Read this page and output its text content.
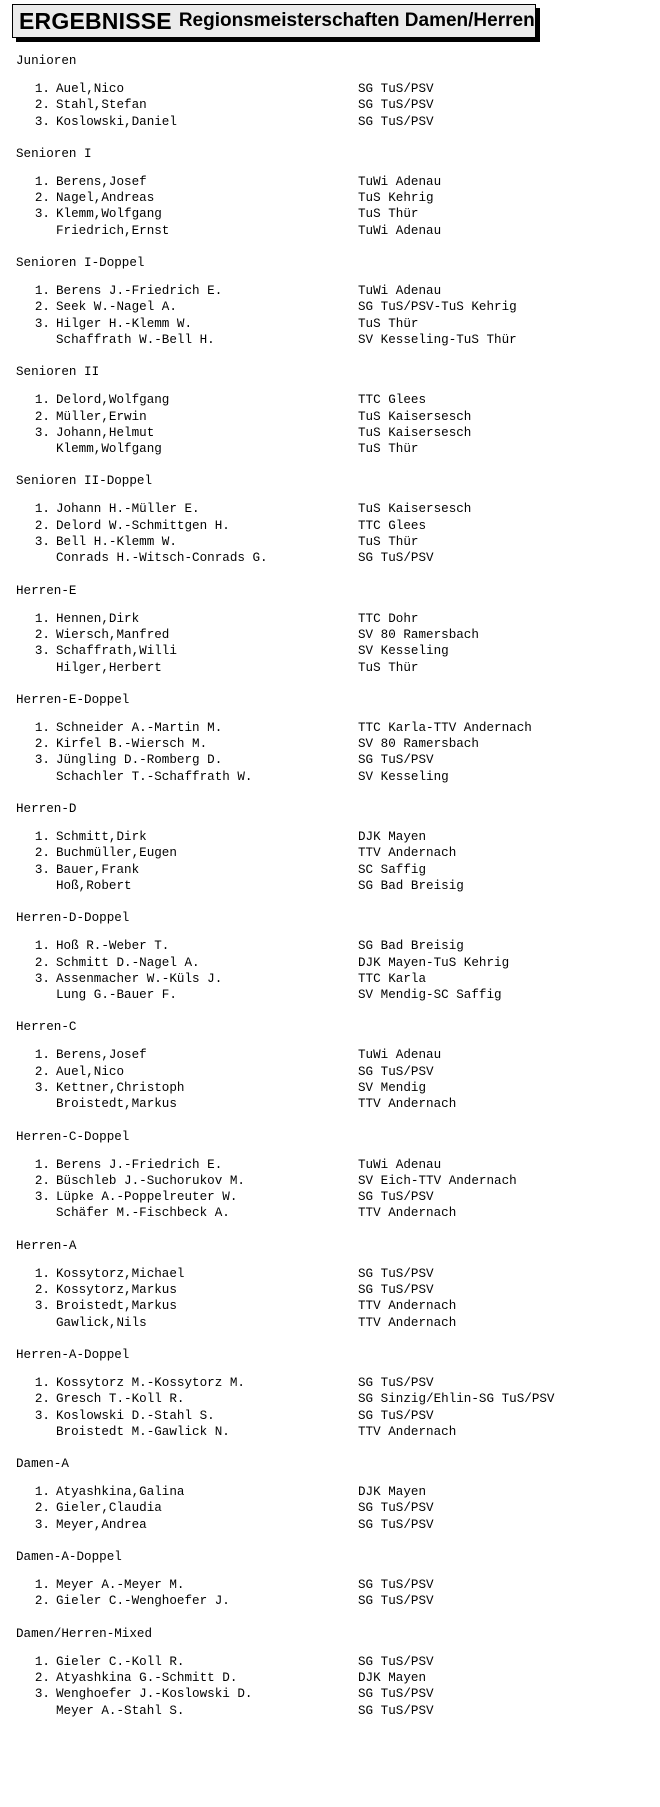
ERGEBNISSE Regionsmeisterschaften Damen/Herren
Junioren
1. Auel,Nico	SG TuS/PSV
2. Stahl,Stefan	SG TuS/PSV
3. Koslowski,Daniel	SG TuS/PSV
Senioren I
1. Berens,Josef	TuWi Adenau
2. Nagel,Andreas	TuS Kehrig
3. Klemm,Wolfgang	TuS Thür
Friedrich,Ernst	TuWi Adenau
Senioren I-Doppel
1. Berens J.-Friedrich E.	TuWi Adenau
2. Seek W.-Nagel A.	SG TuS/PSV-TuS Kehrig
3. Hilger H.-Klemm W.	TuS Thür
Schaffrath W.-Bell H.	SV Kesseling-TuS Thür
Senioren II
1. Delord,Wolfgang	TTC Glees
2. Müller,Erwin	TuS Kaisersesch
3. Johann,Helmut	TuS Kaisersesch
Klemm,Wolfgang	TuS Thür
Senioren II-Doppel
1. Johann H.-Müller E.	TuS Kaisersesch
2. Delord W.-Schmittgen H.	TTC Glees
3. Bell H.-Klemm W.	TuS Thür
Conrads H.-Witsch-Conrads G.	SG TuS/PSV
Herren-E
1. Hennen,Dirk	TTC Dohr
2. Wiersch,Manfred	SV 80 Ramersbach
3. Schaffrath,Willi	SV Kesseling
Hilger,Herbert	TuS Thür
Herren-E-Doppel
1. Schneider A.-Martin M.	TTC Karla-TTV Andernach
2. Kirfel B.-Wiersch M.	SV 80 Ramersbach
3. Jüngling D.-Romberg D.	SG TuS/PSV
Schachler T.-Schaffrath W.	SV Kesseling
Herren-D
1. Schmitt,Dirk	DJK Mayen
2. Buchmüller,Eugen	TTV Andernach
3. Bauer,Frank	SC Saffig
Hoß,Robert	SG Bad Breisig
Herren-D-Doppel
1. Hoß R.-Weber T.	SG Bad Breisig
2. Schmitt D.-Nagel A.	DJK Mayen-TuS Kehrig
3. Assenmacher W.-Küls J.	TTC Karla
Lung G.-Bauer F.	SV Mendig-SC Saffig
Herren-C
1. Berens,Josef	TuWi Adenau
2. Auel,Nico	SG TuS/PSV
3. Kettner,Christoph	SV Mendig
Broistedt,Markus	TTV Andernach
Herren-C-Doppel
1. Berens J.-Friedrich E.	TuWi Adenau
2. Büschleb J.-Suchorukov M.	SV Eich-TTV Andernach
3. Lüpke A.-Poppelreuter W.	SG TuS/PSV
Schäfer M.-Fischbeck A.	TTV Andernach
Herren-A
1. Kossytorz,Michael	SG TuS/PSV
2. Kossytorz,Markus	SG TuS/PSV
3. Broistedt,Markus	TTV Andernach
Gawlick,Nils	TTV Andernach
Herren-A-Doppel
1. Kossytorz M.-Kossytorz M.	SG TuS/PSV
2. Gresch T.-Koll R.	SG Sinzig/Ehlin-SG TuS/PSV
3. Koslowski D.-Stahl S.	SG TuS/PSV
Broistedt M.-Gawlick N.	TTV Andernach
Damen-A
1. Atyashkina,Galina	DJK Mayen
2. Gieler,Claudia	SG TuS/PSV
3. Meyer,Andrea	SG TuS/PSV
Damen-A-Doppel
1. Meyer A.-Meyer M.	SG TuS/PSV
2. Gieler C.-Wenghoefer J.	SG TuS/PSV
Damen/Herren-Mixed
1. Gieler C.-Koll R.	SG TuS/PSV
2. Atyashkina G.-Schmitt D.	DJK Mayen
3. Wenghoefer J.-Koslowski D.	SG TuS/PSV
Meyer A.-Stahl S.	SG TuS/PSV
